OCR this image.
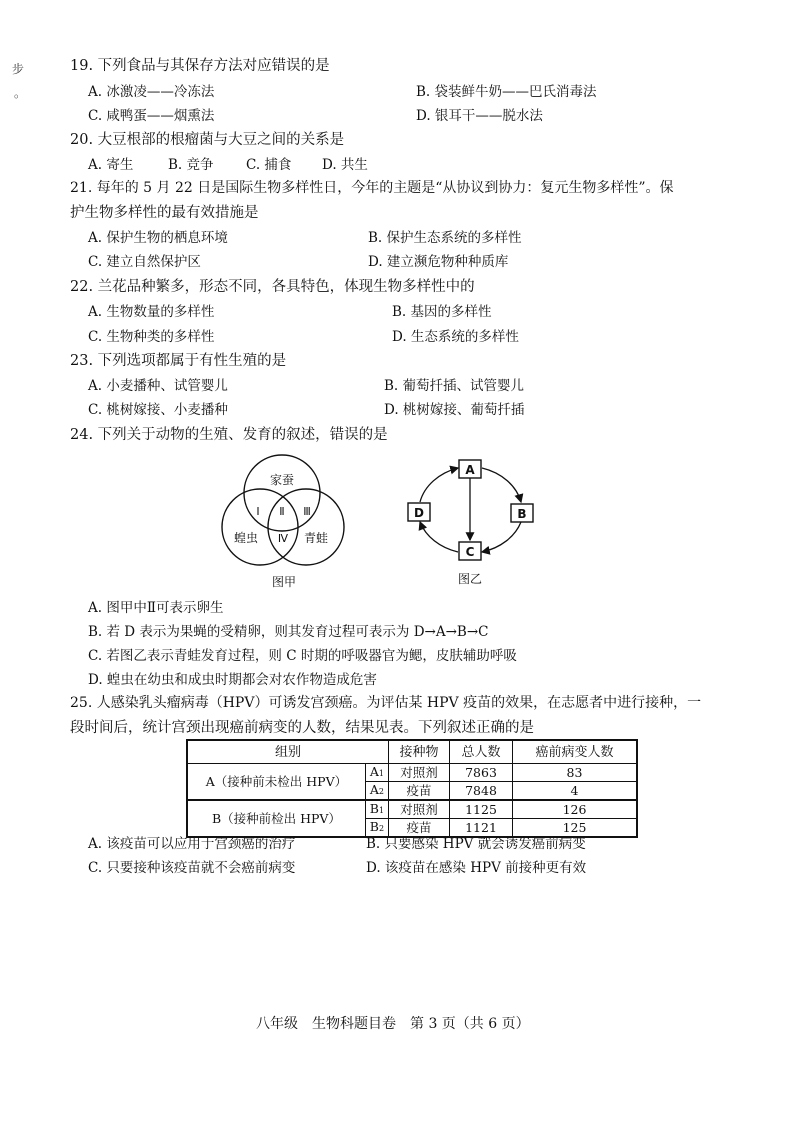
步
。
19. 下列食品与其保存方法对应错误的是
A. 冰激凌——冷冻法	B. 袋装鲜牛奶——巴氏消毒法
C. 咸鸭蛋——烟熏法	D. 银耳干——脱水法
20. 大豆根部的根瘤菌与大豆之间的关系是
A. 寄生	B. 竞争 C. 捕食 D. 共生
21. 每年的 5 月 22 日是国际生物多样性日，今年的主题是“从协议到协力：复元生物多样性”。保
护生物多样性的最有效措施是
A. 保护生物的栖息环境	B. 保护生态系统的多样性
C. 建立自然保护区	D. 建立濒危物种种质库
22. 兰花品种繁多，形态不同，各具特色，体现生物多样性中的
A. 生物数量的多样性	B. 基因的多样性
C. 生物种类的多样性	D. 生态系统的多样性
23. 下列选项都属于有性生殖的是
A. 小麦播种、试管婴儿	B. 葡萄扦插、试管婴儿
C. 桃树嫁接、小麦播种	D. 桃树嫁接、葡萄扦插
24. 下列关于动物的生殖、发育的叙述，错误的是
家蚕
蝗虫	青蛙
I Ⅱ Ⅲ
Ⅳ
图甲
A
B
C
D
图乙
A. 图甲中Ⅱ可表示卵生
B. 若 D 表示为果蝇的受精卵，则其发育过程可表示为 D→A→B→C
C. 若图乙表示青蛙发育过程，则 C 时期的呼吸器官为鳃，皮肤辅助呼吸
D. 蝗虫在幼虫和成虫时期都会对农作物造成危害
25. 人感染乳头瘤病毒（HPV）可诱发宫颈癌。为评估某 HPV 疫苗的效果，在志愿者中进行接种，一
段时间后，统计宫颈出现癌前病变的人数，结果见表。下列叙述正确的是
组别		接种物	总人数	癌前病变人数
A（接种前未检出 HPV）	A1	对照剂	7863	83
	A2	疫苗	7848	4
B（接种前检出 HPV）	B1	对照剂	1125	126
	B2	疫苗	1121	125
A. 该疫苗可以应用于宫颈癌的治疗	B. 只要感染 HPV 就会诱发癌前病变
C. 只要接种该疫苗就不会癌前病变	D. 该疫苗在感染 HPV 前接种更有效
八年级　生物科题目卷　第 3 页（共 6 页）
